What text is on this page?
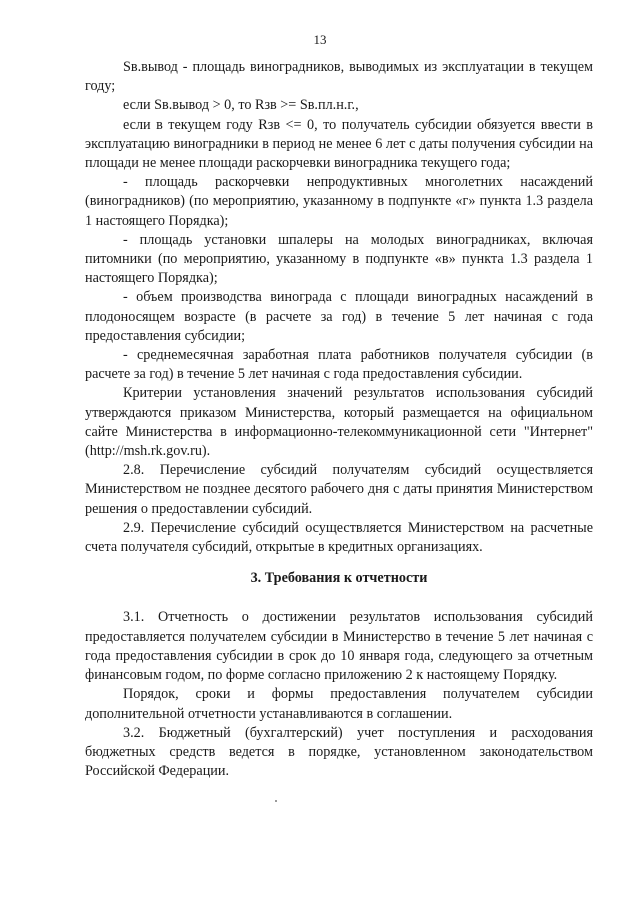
13

Sв.вывод - площадь виноградников, выводимых из эксплуатации в текущем году;

если Sв.вывод > 0, то Rзв >= Sв.пл.н.г.,

если в текущем году Rзв <= 0, то получатель субсидии обязуется ввести в эксплуатацию виноградники в период не менее 6 лет с даты получения субсидии на площади не менее площади раскорчевки виноградника текущего года;

- площадь раскорчевки непродуктивных многолетних насаждений (виноградников) (по мероприятию, указанному в подпункте «г» пункта 1.3 раздела 1 настоящего Порядка);

- площадь установки шпалеры на молодых виноградниках, включая питомники (по мероприятию, указанному в подпункте «в» пункта 1.3 раздела 1 настоящего Порядка);

- объем производства винограда с площади виноградных насаждений в плодоносящем возрасте (в расчете за год) в течение 5 лет начиная с года предоставления субсидии;

- среднемесячная заработная плата работников получателя субсидии (в расчете за год) в течение 5 лет начиная с года предоставления субсидии.

Критерии установления значений результатов использования субсидий утверждаются приказом Министерства, который размещается на официальном сайте Министерства в информационно-телекоммуникационной сети "Интернет" (http://msh.rk.gov.ru).

2.8. Перечисление субсидий получателям субсидий осуществляется Министерством не позднее десятого рабочего дня с даты принятия Министерством решения о предоставлении субсидий.

2.9. Перечисление субсидий осуществляется Министерством на расчетные счета получателя субсидий, открытые в кредитных организациях.

3. Требования к отчетности

3.1. Отчетность о достижении результатов использования субсидий предоставляется получателем субсидии в Министерство в течение 5 лет начиная с года предоставления субсидии в срок до 10 января года, следующего за отчетным финансовым годом, по форме согласно приложению 2 к настоящему Порядку.

Порядок, сроки и формы предоставления получателем субсидии дополнительной отчетности устанавливаются в соглашении.

3.2. Бюджетный (бухгалтерский) учет поступления и расходования бюджетных средств ведется в порядке, установленном законодательством Российской Федерации.
